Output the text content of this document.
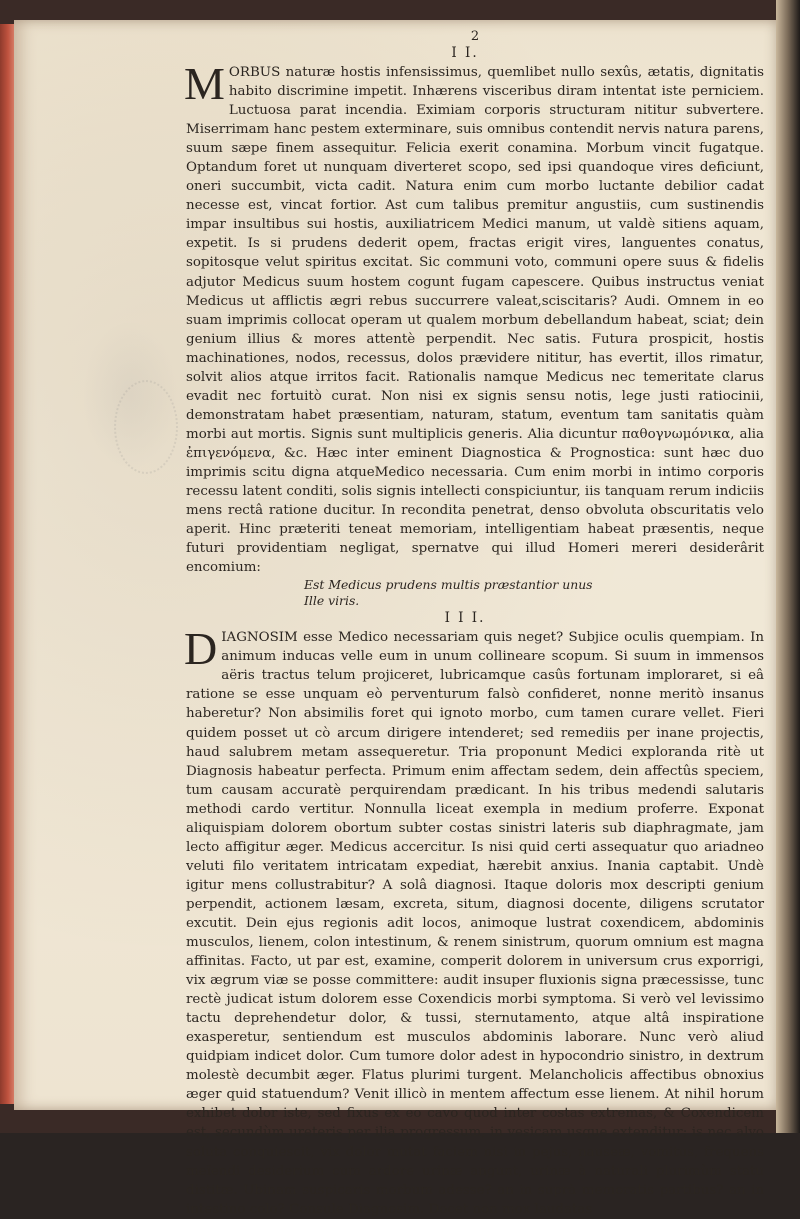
2
I I.

MORBUS naturæ hostis infensissimus, quemlibet nullo sexûs, ætatis, dignitatis habito discrimine impetit. Inhærens visceribus diram intentat iste perniciem. Luctuosa parat incendia. Eximiam corporis structuram nititur subvertere. Miserrimam hanc pestem exterminare, suis omnibus contendit nervis natura parens, suum sæpe finem assequitur. Felicia exerit conamina. Morbum vincit fugatque. Optandum foret ut nunquam diverteret scopo, sed ipsi quandoque vires deficiunt, oneri succumbit, victa cadit. Natura enim cum morbo luctante debilior cadat necesse est, vincat fortior. Ast cum talibus premitur angustiis, cum sustinendis impar insultibus sui hostis, auxiliatricem Medici manum, ut valdè sitiens aquam, expetit. Is si prudens dederit opem, fractas erigit vires, languentes conatus, sopitosque velut spiritus excitat. Sic communi voto, communi opere suus & fidelis adjutor Medicus suum hostem cogunt fugam capescere. Quibus instructus veniat Medicus ut afflictis ægri rebus succurrere valeat,sciscitaris? Audi. Omnem in eo suam imprimis collocat operam ut qualem morbum debellandum habeat, sciat; dein genium illius & mores attentè perpendit. Nec satis. Futura prospicit, hostis machinationes, nodos, recessus, dolos prævidere nititur, has evertit, illos rimatur, solvit alios atque irritos facit. Rationalis namque Medicus nec temeritate clarus evadit nec fortuitò curat. Non nisi ex signis sensu notis, lege justi ratiocinii, demonstratam habet præsentiam, naturam, statum, eventum tam sanitatis quàm morbi aut mortis. Signis sunt multiplicis generis. Alia dicuntur παθογνωμόνικα, alia ἐπιγενόμενα, &c. Hæc inter eminent Diagnostica & Prognostica: sunt hæc duo imprimis scitu digna atqueMedico necessaria. Cum enim morbi in intimo corporis recessu latent conditi, solis signis intellecti conspiciuntur, iis tanquam rerum indiciis mens rectâ ratione ducitur. In recondita penetrat, denso obvoluta obscuritatis velo aperit. Hinc præteriti teneat memoriam, intelligentiam habeat præsentis, neque futuri providentiam negligat, spernatve qui illud Homeri mereri desiderârit encomium:

Est Medicus prudens multis præstantior unus
Ille viris.
I I I.

DIAGNOSIM esse Medico necessariam quis neget? Subjice oculis quempiam. In animum inducas velle eum in unum collineare scopum. Si suum in immensos aëris tractus telum projiceret, lubricamque casûs fortunam imploraret, si eâ ratione se esse unquam eò perventurum falsò confideret, nonne meritò insanus haberetur? Non absimilis foret qui ignoto morbo, cum tamen curare vellet. Fieri quidem posset ut cò arcum dirigere intenderet; sed remediis per inane projectis, haud salubrem metam assequeretur. Tria proponunt Medici exploranda ritè ut Diagnosis habeatur perfecta. Primum enim affectam sedem, dein affectûs speciem, tum causam accuratè perquirendam prædicant. In his tribus medendi salutaris methodi cardo vertitur. Nonnulla liceat exempla in medium proferre. Exponat aliquispiam dolorem obortum subter costas sinistri lateris sub diaphragmate, jam lecto affigitur æger. Medicus accercitur. Is nisi quid certi assequatur quo ariadneo veluti filo veritatem intricatam expediat, hærebit anxius. Inania captabit. Undè igitur mens collustrabitur? A solâ diagnosi. Itaque doloris mox descripti genium perpendit, actionem læsam, excreta, situm, diagnosi docente, diligens scrutator excutit. Dein ejus regionis adit locos, animoque lustrat coxendicem, abdominis musculos, lienem, colon intestinum, & renem sinistrum, quorum omnium est magna affinitas. Facto, ut par est, examine, comperit dolorem in universum crus exporrigi, vix ægrum viæ se posse committere: audit insuper fluxionis signa præcessisse, tunc rectè judicat istum dolorem esse Coxendicis morbi symptoma. Si verò vel levissimo tactu deprehendetur dolor, & tussi, sternutamento, atque altâ inspiratione exasperetur, sentiendum est musculos abdominis laborare. Nunc verò aliud quidpiam indicet dolor. Cum tumore dolor adest in hypocondrio sinistro, in dextrum molestè decumbit æger. Flatus plurimi turgent. Melancholicis affectibus obnoxius æger quid statuendum? Venit illicò in mentem affectum esse lienem. At nihil horum exhibet dolor iste, sed fixus ex eo cavo quod inter costas extremas, & Coxendicem est, secundùm ureteris per ilia progressum, in vesicam usque extenditur; is nec alvo soluta conquiescit, vix dolor mutat faciem nisi in pejus, nauseæ, vomitus, frequens meïendi desiderium cum ardore urinæ angunt, urinæ à naturali plurimùm statu distitæ. Ubinam suspicaris morbum adesse? an in suprà memoratis partibus? an in intestino colo? Consule Diagnosim. Docet non mox laudatas
